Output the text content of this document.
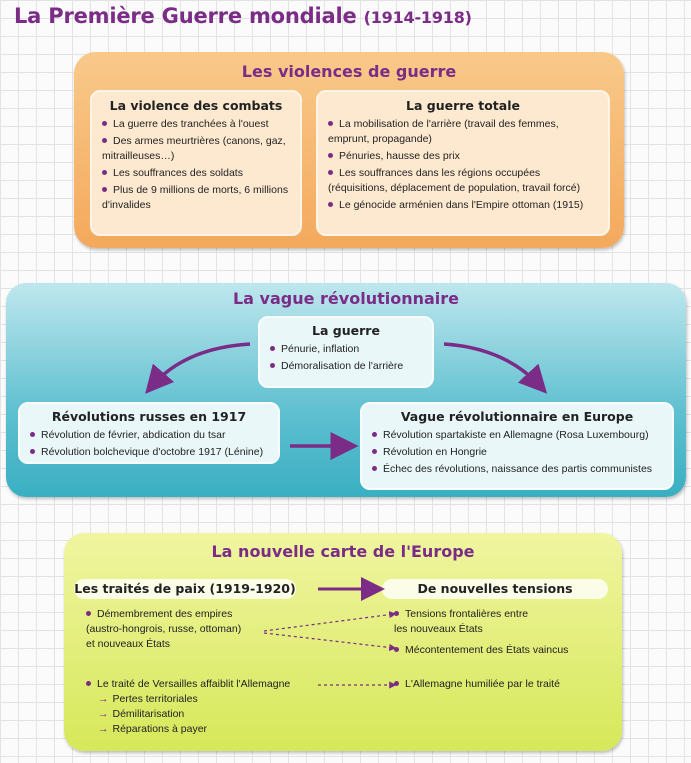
La Première Guerre mondiale (1914-1918)
Les violences de guerre
La violence des combats
La guerre des tranchées à l'ouest
Des armes meurtrières (canons, gaz, mitrailleuses…)
Les souffrances des soldats
Plus de 9 millions de morts, 6 millions d'invalides
La guerre totale
La mobilisation de l'arrière (travail des femmes, emprunt, propagande)
Pénuries, hausse des prix
Les souffrances dans les régions occupées (réquisitions, déplacement de population, travail forcé)
Le génocide arménien dans l'Empire ottoman (1915)
La vague révolutionnaire
La guerre
Pénurie, inflation
Démoralisation de l'arrière
Révolutions russes en 1917
Révolution de février, abdication du tsar
Révolution bolchevique d'octobre 1917 (Lénine)
Vague révolutionnaire en Europe
Révolution spartakiste en Allemagne (Rosa Luxembourg)
Révolution en Hongrie
Échec des révolutions, naissance des partis communistes
La nouvelle carte de l'Europe
Les traités de paix (1919-1920)	De nouvelles tensions
Démembrement des empires
(austro-hongrois, russe, ottoman)
et nouveaux États
Le traité de Versailles affaiblit l'Allemagne
→ Pertes territoriales
→ Démilitarisation
→ Réparations à payer
Tensions frontalières entre
les nouveaux États
Mécontentement des États vaincus
L'Allemagne humiliée par le traité
